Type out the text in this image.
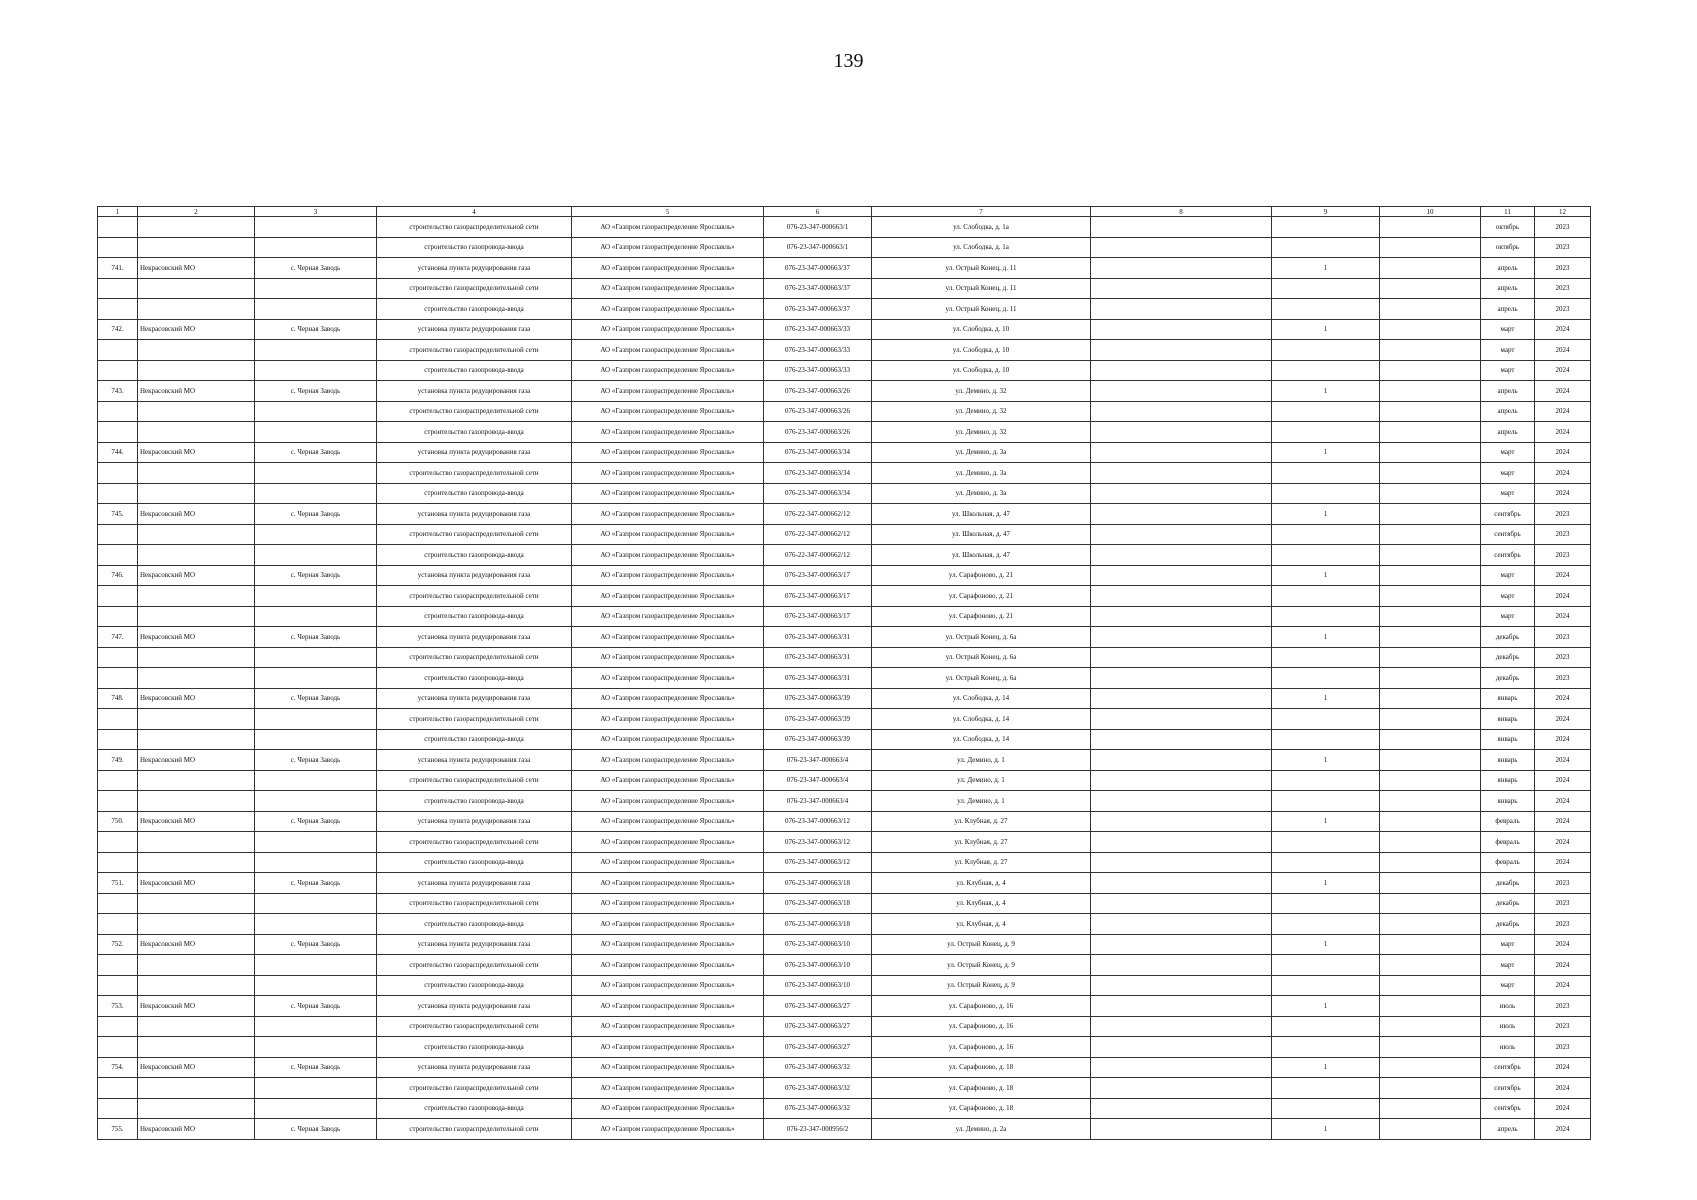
139
1	2	3	4	5	6	7	8	9	10	11	12
			строительство газораспределительной сети	АО «Газпром газораспределение Ярославль»	076-23-347-000663/1	ул. Слободка, д. 1а				октябрь	2023
			строительство газопровода-ввода	АО «Газпром газораспределение Ярославль»	076-23-347-000663/1	ул. Слободка, д. 1а				октябрь	2023
741.	Некрасовский МО	с. Черная Заводь	установка пункта редуцирования газа	АО «Газпром газораспределение Ярославль»	076-23-347-000663/37	ул. Острый Конец, д. 11		1		апрель	2023
			строительство газораспределительной сети	АО «Газпром газораспределение Ярославль»	076-23-347-000663/37	ул. Острый Конец, д. 11				апрель	2023
			строительство газопровода-ввода	АО «Газпром газораспределение Ярославль»	076-23-347-000663/37	ул. Острый Конец, д. 11				апрель	2023
742.	Некрасовский МО	с. Черная Заводь	установка пункта редуцирования газа	АО «Газпром газораспределение Ярославль»	076-23-347-000663/33	ул. Слободка, д. 10		1		март	2024
			строительство газораспределительной сети	АО «Газпром газораспределение Ярославль»	076-23-347-000663/33	ул. Слободка, д. 10				март	2024
			строительство газопровода-ввода	АО «Газпром газораспределение Ярославль»	076-23-347-000663/33	ул. Слободка, д. 10				март	2024
743.	Некрасовский МО	с. Черная Заводь	установка пункта редуцирования газа	АО «Газпром газораспределение Ярославль»	076-23-347-000663/26	ул. Демино, д. 32		1		апрель	2024
			строительство газораспределительной сети	АО «Газпром газораспределение Ярославль»	076-23-347-000663/26	ул. Демино, д. 32				апрель	2024
			строительство газопровода-ввода	АО «Газпром газораспределение Ярославль»	076-23-347-000663/26	ул. Демино, д. 32				апрель	2024
744.	Некрасовский МО	с. Черная Заводь	установка пункта редуцирования газа	АО «Газпром газораспределение Ярославль»	076-23-347-000663/34	ул. Демино, д. 3а		1		март	2024
			строительство газораспределительной сети	АО «Газпром газораспределение Ярославль»	076-23-347-000663/34	ул. Демино, д. 3а				март	2024
			строительство газопровода-ввода	АО «Газпром газораспределение Ярославль»	076-23-347-000663/34	ул. Демино, д. 3а				март	2024
745.	Некрасовский МО	с. Черная Заводь	установка пункта редуцирования газа	АО «Газпром газораспределение Ярославль»	076-22-347-000662/12	ул. Школьная, д. 47		1		сентябрь	2023
			строительство газораспределительной сети	АО «Газпром газораспределение Ярославль»	076-22-347-000662/12	ул. Школьная, д. 47				сентябрь	2023
			строительство газопровода-ввода	АО «Газпром газораспределение Ярославль»	076-22-347-000662/12	ул. Школьная, д. 47				сентябрь	2023
746.	Некрасовский МО	с. Черная Заводь	установка пункта редуцирования газа	АО «Газпром газораспределение Ярославль»	076-23-347-000663/17	ул. Сарафоново, д. 21		1		март	2024
			строительство газораспределительной сети	АО «Газпром газораспределение Ярославль»	076-23-347-000663/17	ул. Сарафоново, д. 21				март	2024
			строительство газопровода-ввода	АО «Газпром газораспределение Ярославль»	076-23-347-000663/17	ул. Сарафоново, д. 21				март	2024
747.	Некрасовский МО	с. Черная Заводь	установка пункта редуцирования газа	АО «Газпром газораспределение Ярославль»	076-23-347-000663/31	ул. Острый Конец, д. 6а		1		декабрь	2023
			строительство газораспределительной сети	АО «Газпром газораспределение Ярославль»	076-23-347-000663/31	ул. Острый Конец, д. 6а				декабрь	2023
			строительство газопровода-ввода	АО «Газпром газораспределение Ярославль»	076-23-347-000663/31	ул. Острый Конец, д. 6а				декабрь	2023
748.	Некрасовский МО	с. Черная Заводь	установка пункта редуцирования газа	АО «Газпром газораспределение Ярославль»	076-23-347-000663/39	ул. Слободка, д. 14		1		январь	2024
			строительство газораспределительной сети	АО «Газпром газораспределение Ярославль»	076-23-347-000663/39	ул. Слободка, д. 14				январь	2024
			строительство газопровода-ввода	АО «Газпром газораспределение Ярославль»	076-23-347-000663/39	ул. Слободка, д. 14				январь	2024
749.	Некрасовский МО	с. Черная Заводь	установка пункта редуцирования газа	АО «Газпром газораспределение Ярославль»	076-23-347-000663/4	ул. Демино, д. 1		1		январь	2024
			строительство газораспределительной сети	АО «Газпром газораспределение Ярославль»	076-23-347-000663/4	ул. Демино, д. 1				январь	2024
			строительство газопровода-ввода	АО «Газпром газораспределение Ярославль»	076-23-347-000663/4	ул. Демино, д. 1				январь	2024
750.	Некрасовский МО	с. Черная Заводь	установка пункта редуцирования газа	АО «Газпром газораспределение Ярославль»	076-23-347-000663/12	ул. Клубная, д. 27		1		февраль	2024
			строительство газораспределительной сети	АО «Газпром газораспределение Ярославль»	076-23-347-000663/12	ул. Клубная, д. 27				февраль	2024
			строительство газопровода-ввода	АО «Газпром газораспределение Ярославль»	076-23-347-000663/12	ул. Клубная, д. 27				февраль	2024
751.	Некрасовский МО	с. Черная Заводь	установка пункта редуцирования газа	АО «Газпром газораспределение Ярославль»	076-23-347-000663/18	ул. Клубная, д. 4		1		декабрь	2023
			строительство газораспределительной сети	АО «Газпром газораспределение Ярославль»	076-23-347-000663/18	ул. Клубная, д. 4				декабрь	2023
			строительство газопровода-ввода	АО «Газпром газораспределение Ярославль»	076-23-347-000663/18	ул. Клубная, д. 4				декабрь	2023
752.	Некрасовский МО	с. Черная Заводь	установка пункта редуцирования газа	АО «Газпром газораспределение Ярославль»	076-23-347-000663/10	ул. Острый Конец, д. 9		1		март	2024
			строительство газораспределительной сети	АО «Газпром газораспределение Ярославль»	076-23-347-000663/10	ул. Острый Конец, д. 9				март	2024
			строительство газопровода-ввода	АО «Газпром газораспределение Ярославль»	076-23-347-000663/10	ул. Острый Конец, д. 9				март	2024
753.	Некрасовский МО	с. Черная Заводь	установка пункта редуцирования газа	АО «Газпром газораспределение Ярославль»	076-23-347-000663/27	ул. Сарафоново, д. 16		1		июль	2023
			строительство газораспределительной сети	АО «Газпром газораспределение Ярославль»	076-23-347-000663/27	ул. Сарафоново, д. 16				июль	2023
			строительство газопровода-ввода	АО «Газпром газораспределение Ярославль»	076-23-347-000663/27	ул. Сарафоново, д. 16				июль	2023
754.	Некрасовский МО	с. Черная Заводь	установка пункта редуцирования газа	АО «Газпром газораспределение Ярославль»	076-23-347-000663/32	ул. Сарафоново, д. 18		1		сентябрь	2024
			строительство газораспределительной сети	АО «Газпром газораспределение Ярославль»	076-23-347-000663/32	ул. Сарафоново, д. 18				сентябрь	2024
			строительство газопровода-ввода	АО «Газпром газораспределение Ярославль»	076-23-347-000663/32	ул. Сарафоново, д. 18				сентябрь	2024
755.	Некрасовский МО	с. Черная Заводь	строительство газораспределительной сети	АО «Газпром газораспределение Ярославль»	076-23-347-000956/2	ул. Демино, д. 2а		1		апрель	2024
